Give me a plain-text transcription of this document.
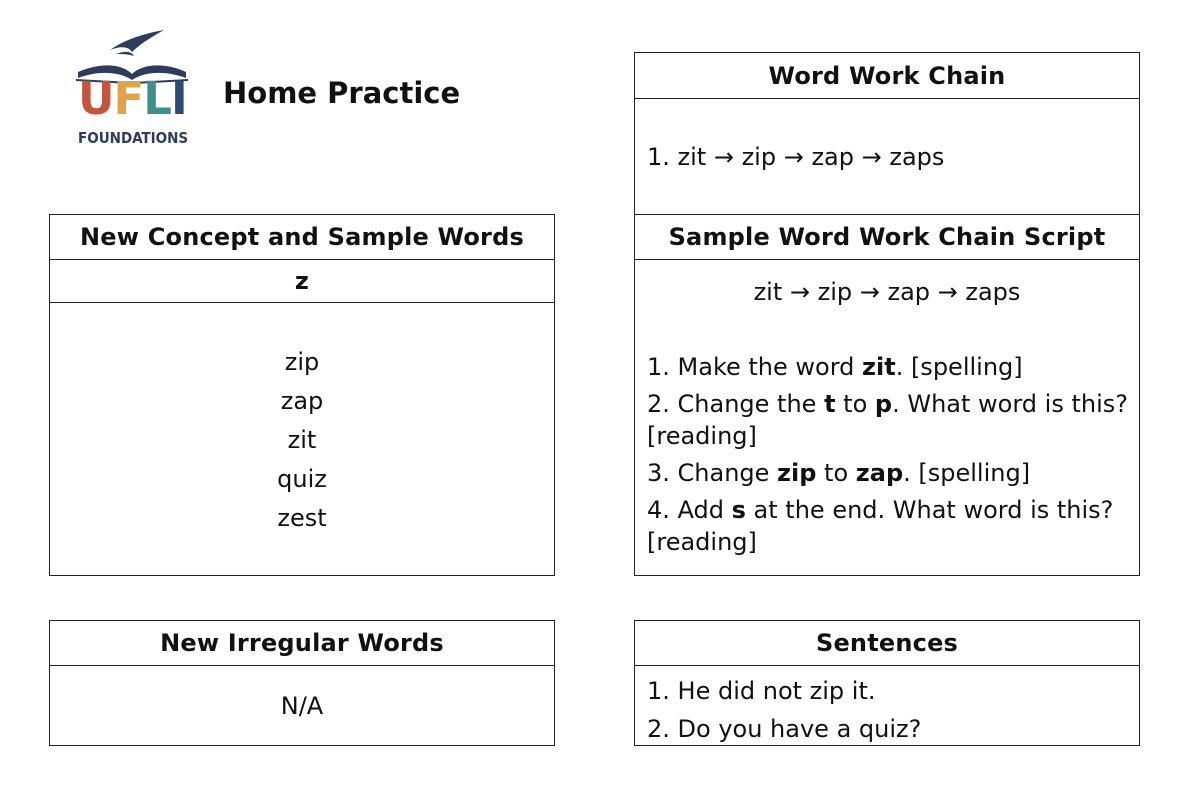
UFLI
FOUNDATIONS
Home Practice
New Concept and Sample Words
z
zip
zap
zit
quiz
zest
New Irregular Words
N/A
Word Work Chain
1. zit → zip → zap → zaps
Sample Word Work Chain Script
zit → zip → zap → zaps
1. Make the word zit. [spelling]
2. Change the t to p. What word is this? [reading]
3. Change zip to zap. [spelling]
4. Add s at the end. What word is this? [reading]
Sentences
1. He did not zip it.
2. Do you have a quiz?
